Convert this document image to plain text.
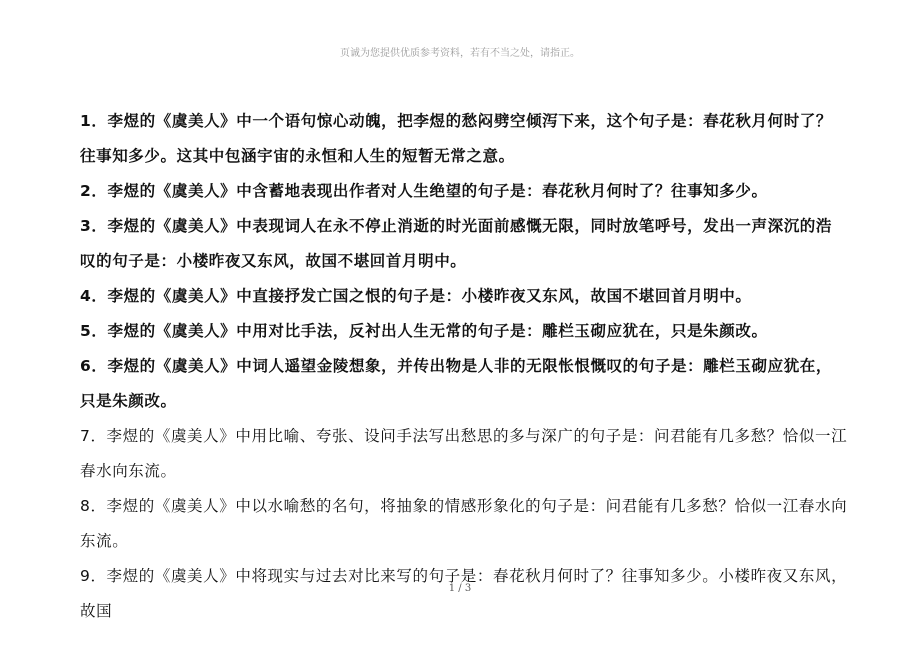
页诚为您提供优质参考资料，若有不当之处，请指正。

1．李煜的《虞美人》中一个语句惊心动魄，把李煜的愁闷劈空倾泻下来，这个句子是：春花秋月何时了？往事知多少。这其中包涵宇宙的永恒和人生的短暂无常之意。

2．李煜的《虞美人》中含蓄地表现出作者对人生绝望的句子是：春花秋月何时了？往事知多少。

3．李煜的《虞美人》中表现词人在永不停止消逝的时光面前感慨无限，同时放笔呼号，发出一声深沉的浩叹的句子是：小楼昨夜又东风，故国不堪回首月明中。

4．李煜的《虞美人》中直接抒发亡国之恨的句子是：小楼昨夜又东风，故国不堪回首月明中。

5．李煜的《虞美人》中用对比手法，反衬出人生无常的句子是：雕栏玉砌应犹在，只是朱颜改。

6．李煜的《虞美人》中词人遥望金陵想象，并传出物是人非的无限怅恨慨叹的句子是：雕栏玉砌应犹在，只是朱颜改。

7．李煜的《虞美人》中用比喻、夸张、设问手法写出愁思的多与深广的句子是：问君能有几多愁？恰似一江春水向东流。

8．李煜的《虞美人》中以水喻愁的名句，将抽象的情感形象化的句子是：问君能有几多愁？恰似一江春水向东流。

9．李煜的《虞美人》中将现实与过去对比来写的句子是：春花秋月何时了？往事知多少。小楼昨夜又东风，故国

1 / 3
